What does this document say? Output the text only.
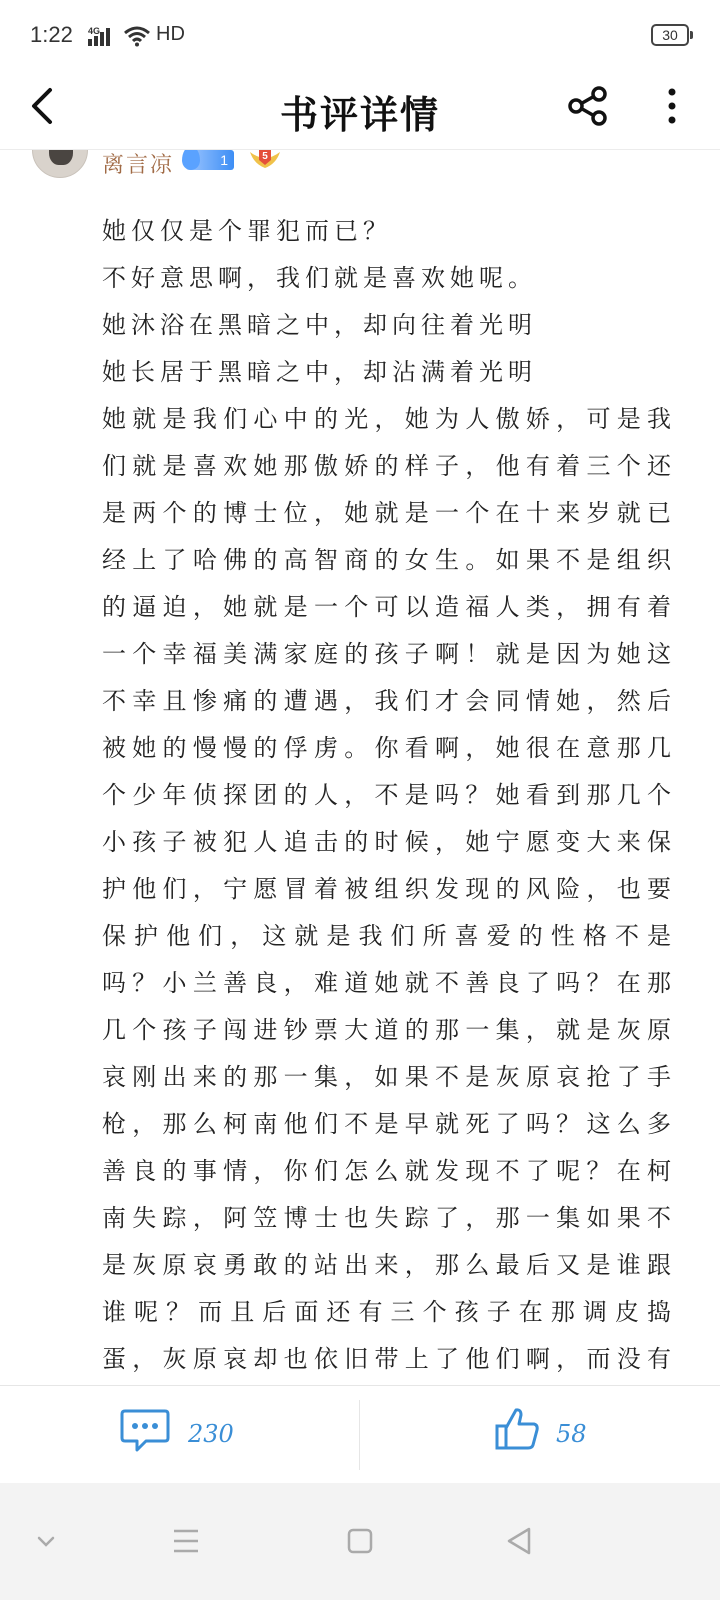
1:22 4G	HD	30
书评详情
离言凉	1	5

她仅仅是个罪犯而已？

不好意思啊，我们就是喜欢她呢。

她沐浴在黑暗之中，却向往着光明

她长居于黑暗之中，却沾满着光明

她就是我们心中的光，她为人傲娇，可是我们就是喜欢她那傲娇的样子，他有着三个还是两个的博士位，她就是一个在十来岁就已经上了哈佛的高智商的女生。如果不是组织的逼迫，她就是一个可以造福人类，拥有着一个幸福美满家庭的孩子啊！就是因为她这不幸且惨痛的遭遇，我们才会同情她，然后被她的慢慢的俘虏。你看啊，她很在意那几个少年侦探团的人，不是吗？她看到那几个小孩子被犯人追击的时候，她宁愿变大来保护他们，宁愿冒着被组织发现的风险，也要保护他们，这就是我们所喜爱的性格不是吗？小兰善良，难道她就不善良了吗？在那几个孩子闯进钞票大道的那一集，就是灰原哀刚出来的那一集，如果不是灰原哀抢了手枪，那么柯南他们不是早就死了吗？这么多善良的事情，你们怎么就发现不了呢？在柯南失踪，阿笠博士也失踪了，那一集如果不是灰原哀勇敢的站出来，那么最后又是谁跟谁呢？而且后面还有三个孩子在那调皮捣蛋，灰原哀却也依旧带上了他们啊，而没有

230	58
